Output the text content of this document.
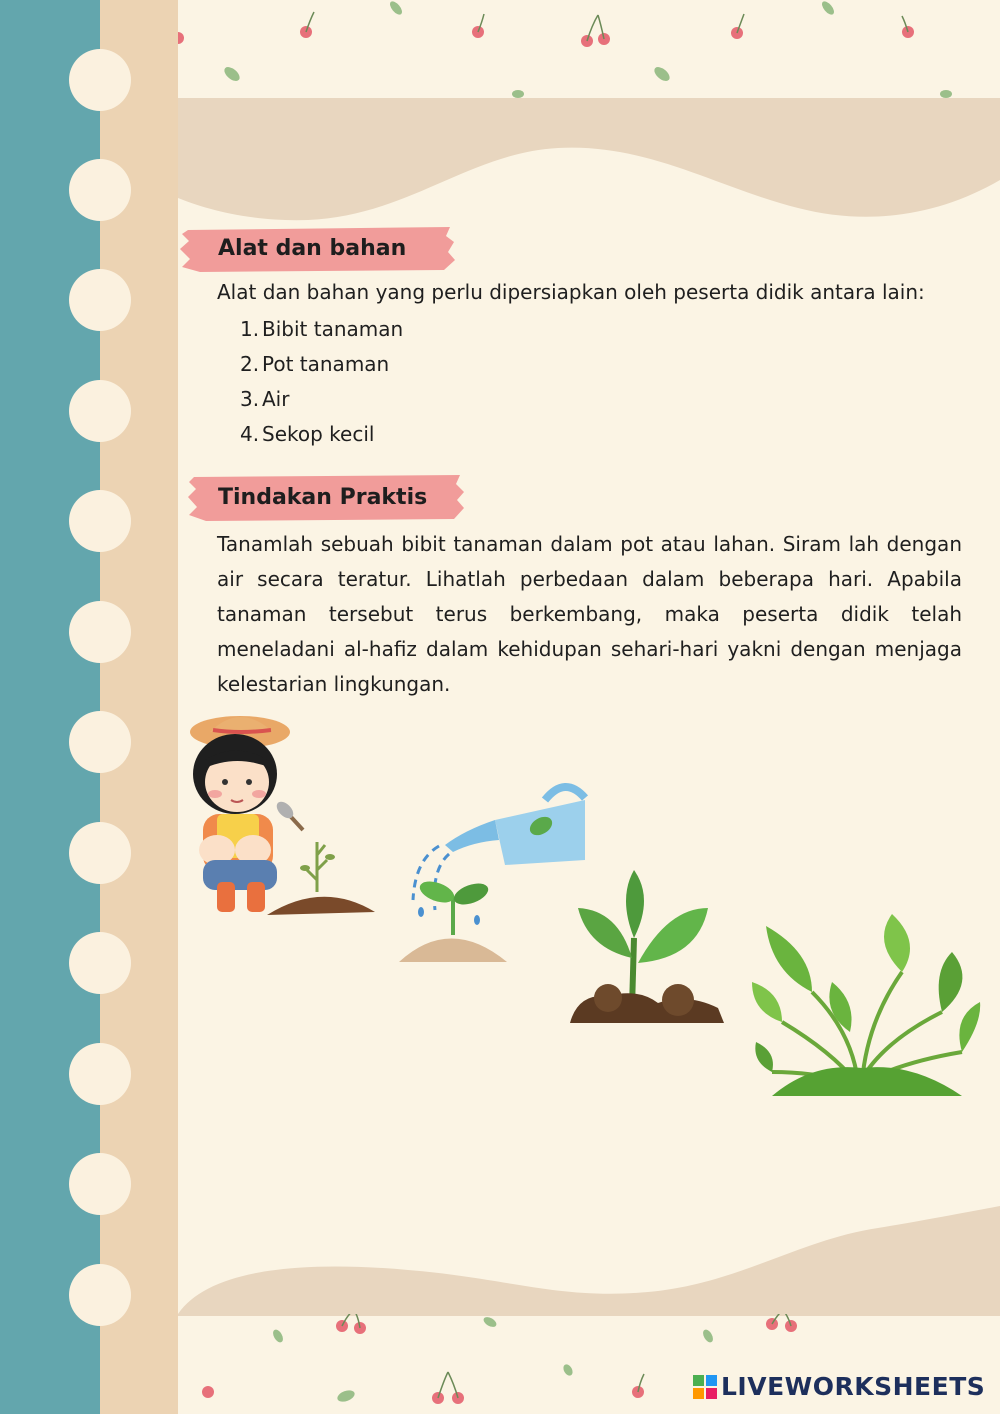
Alat dan bahan
Alat dan bahan yang perlu dipersiapkan oleh peserta didik antara lain:
1. Bibit tanaman
2. Pot tanaman
3. Air
4. Sekop kecil
Tindakan Praktis
Tanamlah sebuah bibit tanaman dalam pot atau lahan. Siram lah dengan air secara teratur. Lihatlah perbedaan dalam beberapa hari. Apabila tanaman tersebut terus berkembang, maka peserta didik telah meneladani al-hafiz dalam kehidupan sehari-hari yakni dengan menjaga kelestarian lingkungan.
LIVEWORKSHEETS
